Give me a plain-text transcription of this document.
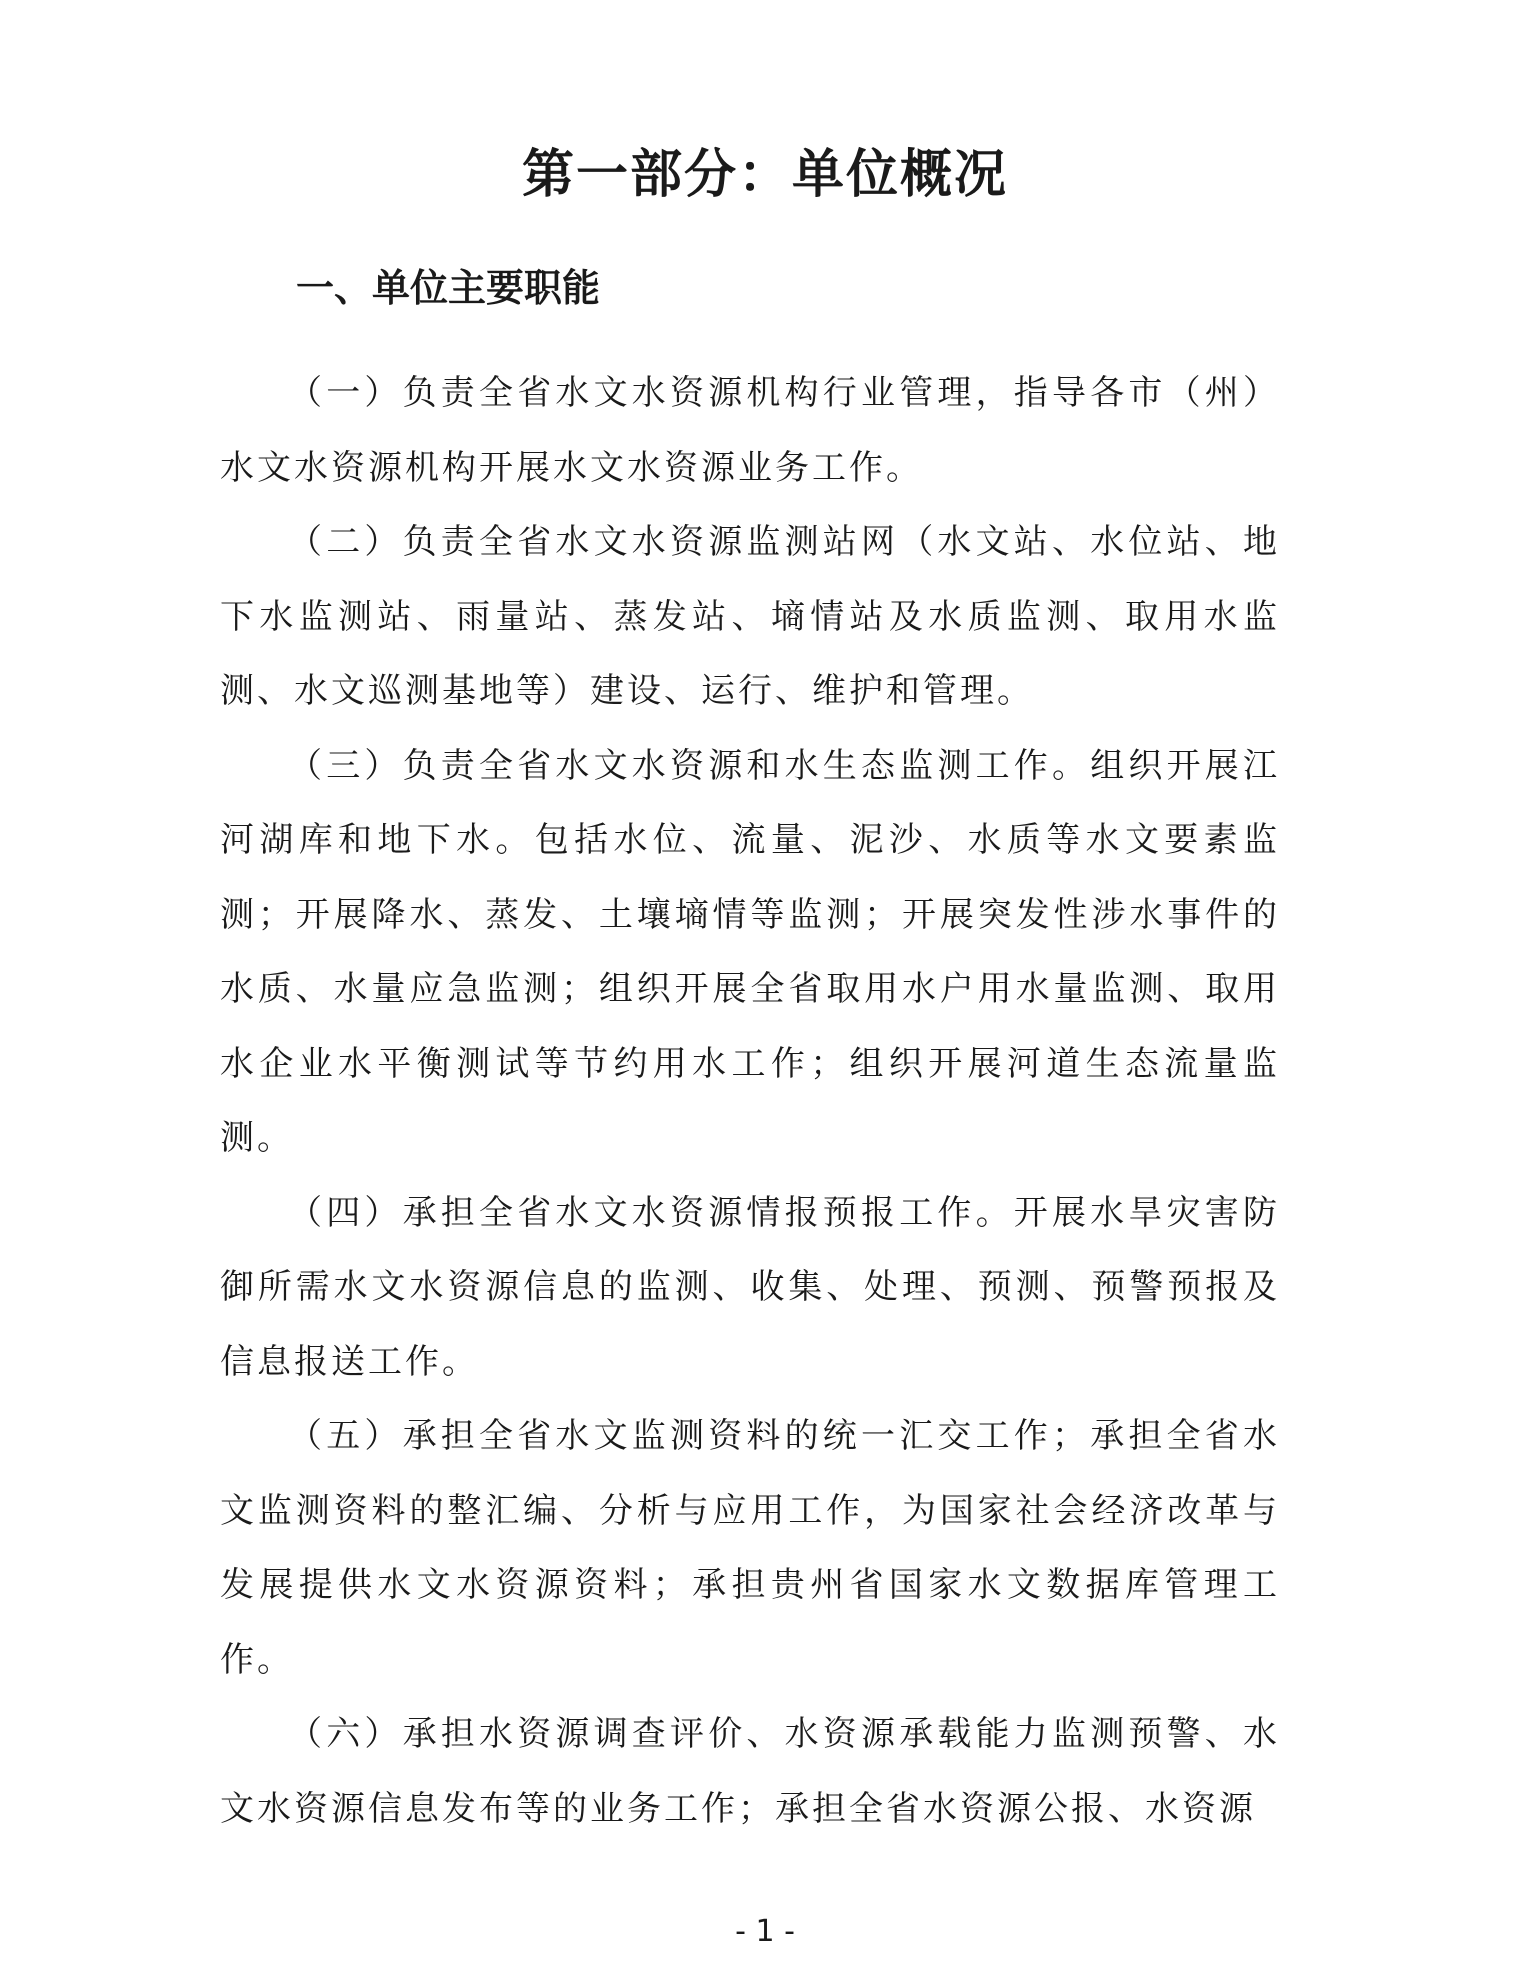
第一部分：单位概况
一、单位主要职能

（一）负责全省水文水资源机构行业管理，指导各市（州）水文水资源机构开展水文水资源业务工作。

（二）负责全省水文水资源监测站网（水文站、水位站、地下水监测站、雨量站、蒸发站、墒情站及水质监测、取用水监测、水文巡测基地等）建设、运行、维护和管理。

（三）负责全省水文水资源和水生态监测工作。组织开展江河湖库和地下水。包括水位、流量、泥沙、水质等水文要素监测；开展降水、蒸发、土壤墒情等监测；开展突发性涉水事件的水质、水量应急监测；组织开展全省取用水户用水量监测、取用水企业水平衡测试等节约用水工作；组织开展河道生态流量监测。

（四）承担全省水文水资源情报预报工作。开展水旱灾害防御所需水文水资源信息的监测、收集、处理、预测、预警预报及信息报送工作。

（五）承担全省水文监测资料的统一汇交工作；承担全省水文监测资料的整汇编、分析与应用工作，为国家社会经济改革与发展提供水文水资源资料；承担贵州省国家水文数据库管理工作。

（六）承担水资源调查评价、水资源承载能力监测预警、水文水资源信息发布等的业务工作；承担全省水资源公报、水资源

- 1 -
